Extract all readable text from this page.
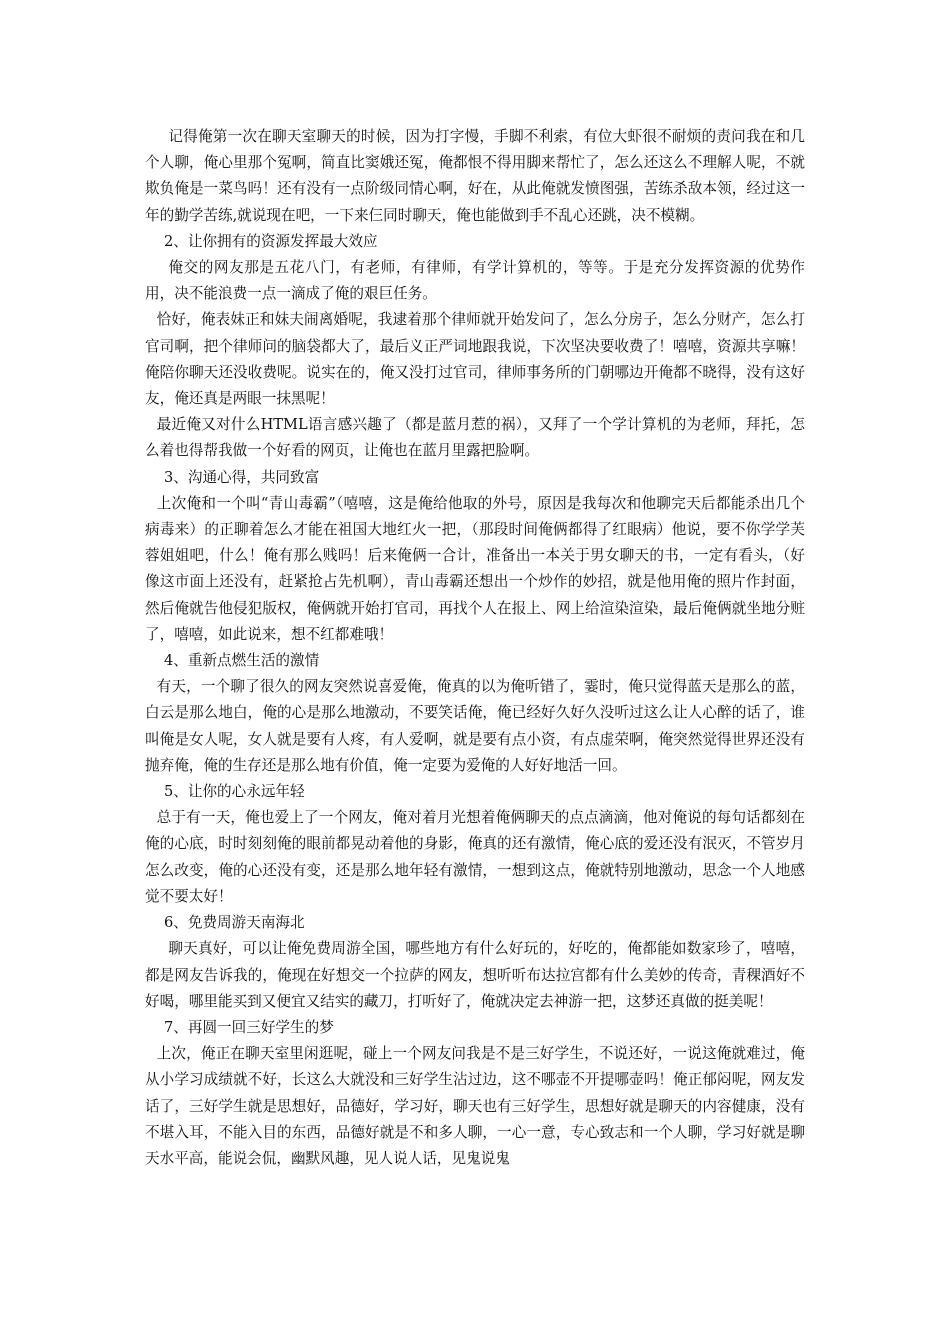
记得俺第一次在聊天室聊天的时候，因为打字慢，手脚不利索，有位大虾很不耐烦的责问我在和几个人聊，俺心里那个冤啊，简直比窦娥还冤，俺都恨不得用脚来帮忙了，怎么还这么不理解人呢，不就欺负俺是一菜鸟吗！还有没有一点阶级同情心啊，好在，从此俺就发愤图强，苦练杀敌本领，经过这一年的勤学苦练,就说现在吧，一下来仨同时聊天，俺也能做到手不乱心还跳，决不模糊。

2、让你拥有的资源发挥最大效应

俺交的网友那是五花八门，有老师，有律师，有学计算机的，等等。于是充分发挥资源的优势作用，决不能浪费一点一滴成了俺的艰巨任务。

恰好，俺表妹正和妹夫闹离婚呢，我逮着那个律师就开始发问了，怎么分房子，怎么分财产，怎么打官司啊，把个律师问的脑袋都大了，最后义正严词地跟我说，下次坚决要收费了！嘻嘻，资源共享嘛！俺陪你聊天还没收费呢。说实在的，俺又没打过官司，律师事务所的门朝哪边开俺都不晓得，没有这好友，俺还真是两眼一抹黑呢！

最近俺又对什么HTML语言感兴趣了（都是蓝月惹的祸），又拜了一个学计算机的为老师，拜托，怎么着也得帮我做一个好看的网页，让俺也在蓝月里露把脸啊。

3、沟通心得，共同致富

上次俺和一个叫“青山毒霸”（嘻嘻，这是俺给他取的外号，原因是我每次和他聊完天后都能杀出几个病毒来）的正聊着怎么才能在祖国大地红火一把，（那段时间俺俩都得了红眼病）他说，要不你学学芙蓉姐姐吧，什么！俺有那么贱吗！后来俺俩一合计，准备出一本关于男女聊天的书，一定有看头，（好像这市面上还没有，赶紧抢占先机啊），青山毒霸还想出一个炒作的妙招，就是他用俺的照片作封面，然后俺就告他侵犯版权，俺俩就开始打官司，再找个人在报上、网上给渲染渲染，最后俺俩就坐地分赃了，嘻嘻，如此说来，想不红都难哦！

4、重新点燃生活的激情

有天，一个聊了很久的网友突然说喜爱俺，俺真的以为俺听错了，霎时，俺只觉得蓝天是那么的蓝，白云是那么地白，俺的心是那么地激动，不要笑话俺，俺已经好久好久没听过这么让人心醉的话了，谁叫俺是女人呢，女人就是要有人疼，有人爱啊，就是要有点小资，有点虚荣啊，俺突然觉得世界还没有抛弃俺，俺的生存还是那么地有价值，俺一定要为爱俺的人好好地活一回。

5、让你的心永远年轻

总于有一天，俺也爱上了一个网友，俺对着月光想着俺俩聊天的点点滴滴，他对俺说的每句话都刻在俺的心底，时时刻刻俺的眼前都晃动着他的身影，俺真的还有激情，俺心底的爱还没有泯灭，不管岁月怎么改变，俺的心还没有变，还是那么地年轻有激情，一想到这点，俺就特别地激动，思念一个人地感觉不要太好！

6、免费周游天南海北

聊天真好，可以让俺免费周游全国，哪些地方有什么好玩的，好吃的，俺都能如数家珍了，嘻嘻，都是网友告诉我的，俺现在好想交一个拉萨的网友，想听听布达拉宫都有什么美妙的传奇，青稞酒好不好喝，哪里能买到又便宜又结实的藏刀，打听好了，俺就决定去神游一把，这梦还真做的挺美呢！

7、再圆一回三好学生的梦

上次，俺正在聊天室里闲逛呢，碰上一个网友问我是不是三好学生，不说还好，一说这俺就难过，俺从小学习成绩就不好，长这么大就没和三好学生沾过边，这不哪壶不开提哪壶吗！俺正郁闷呢，网友发话了，三好学生就是思想好，品德好，学习好，聊天也有三好学生，思想好就是聊天的内容健康，没有不堪入耳，不能入目的东西，品德好就是不和多人聊，一心一意，专心致志和一个人聊，学习好就是聊天水平高，能说会侃，幽默风趣，见人说人话，见鬼说鬼
